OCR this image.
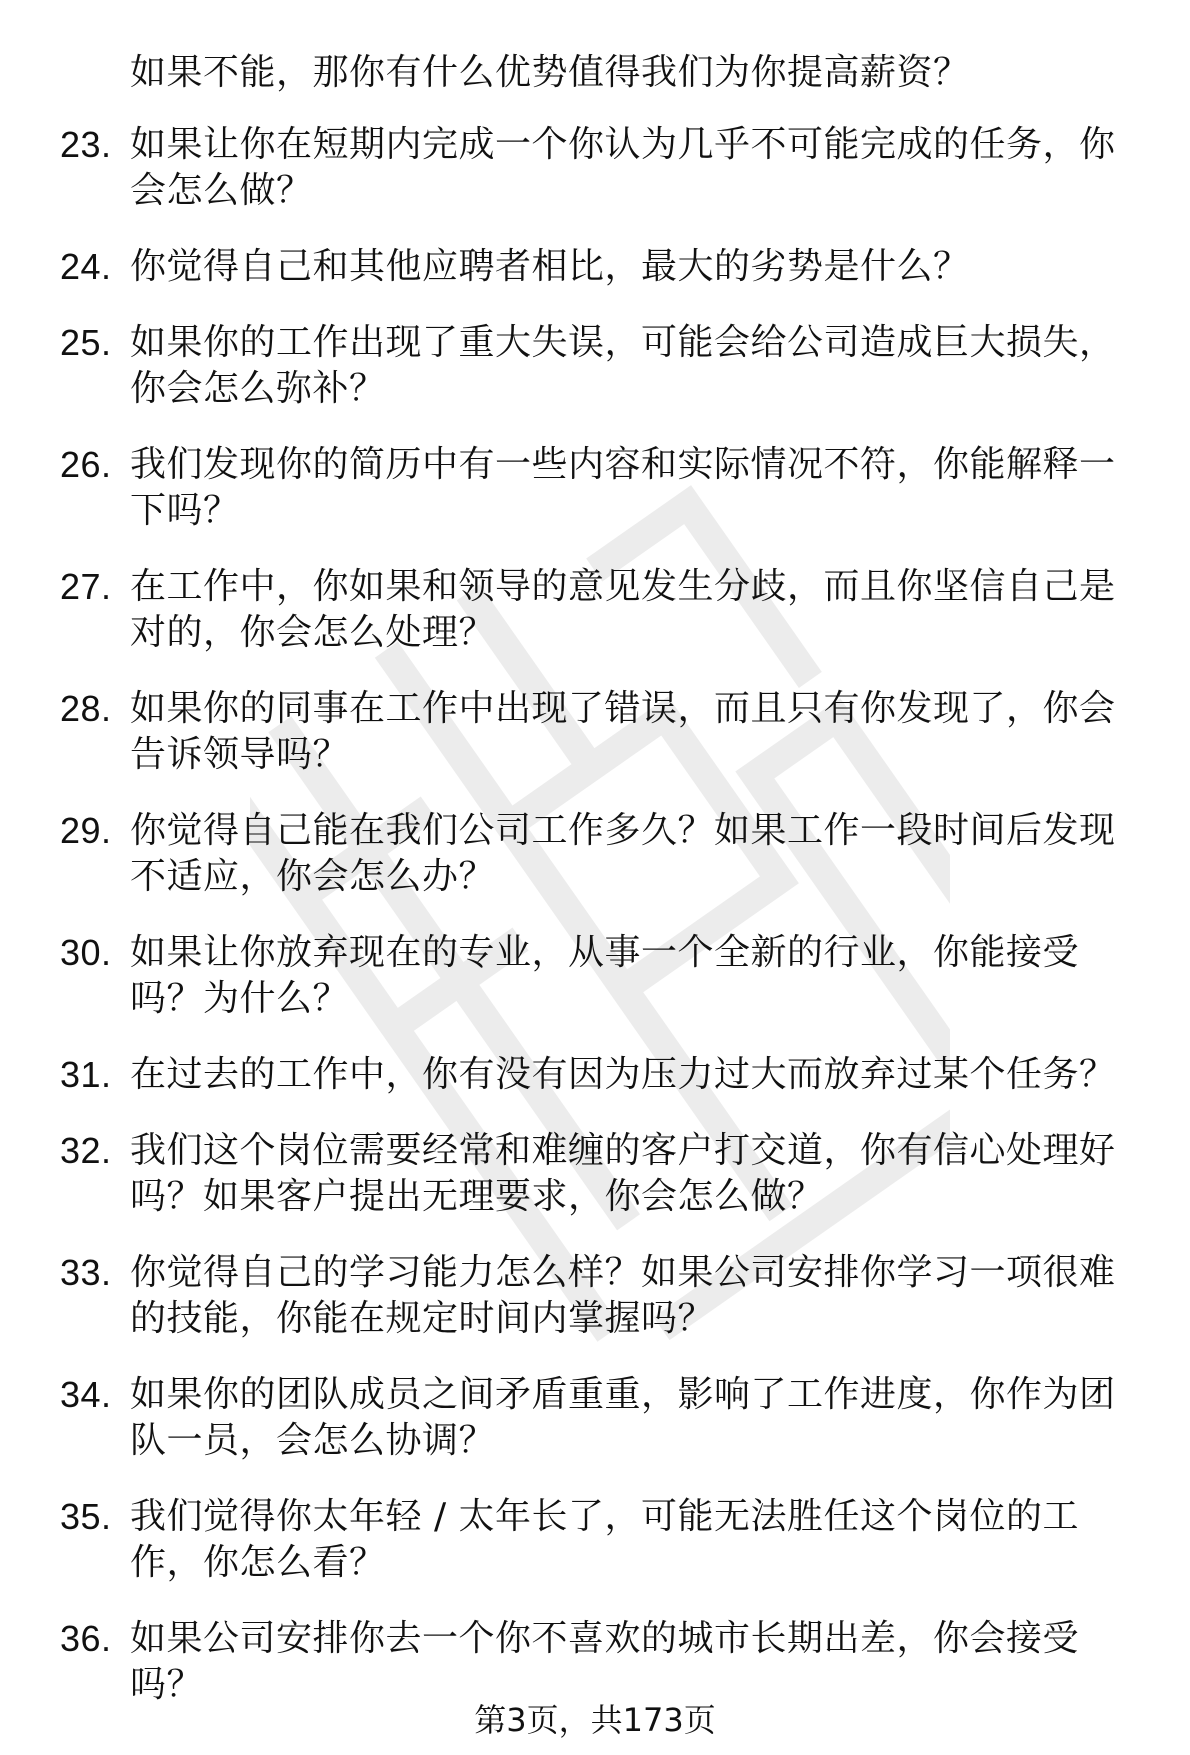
如果不能，那你有什么优势值得我们为你提高薪资？
23. 如果让你在短期内完成一个你认为几乎不可能完成的任务，你会怎么做？
24. 你觉得自己和其他应聘者相比，最大的劣势是什么？
25. 如果你的工作出现了重大失误，可能会给公司造成巨大损失，你会怎么弥补？
26. 我们发现你的简历中有一些内容和实际情况不符，你能解释一下吗？
27. 在工作中，你如果和领导的意见发生分歧，而且你坚信自己是对的，你会怎么处理？
28. 如果你的同事在工作中出现了错误，而且只有你发现了，你会告诉领导吗？
29. 你觉得自己能在我们公司工作多久？如果工作一段时间后发现不适应，你会怎么办？
30. 如果让你放弃现在的专业，从事一个全新的行业，你能接受吗？为什么？
31. 在过去的工作中，你有没有因为压力过大而放弃过某个任务？
32. 我们这个岗位需要经常和难缠的客户打交道，你有信心处理好吗？如果客户提出无理要求，你会怎么做？
33. 你觉得自己的学习能力怎么样？如果公司安排你学习一项很难的技能，你能在规定时间内掌握吗？
34. 如果你的团队成员之间矛盾重重，影响了工作进度，你作为团队一员，会怎么协调？
35. 我们觉得你太年轻 / 太年长了，可能无法胜任这个岗位的工作，你怎么看？
36. 如果公司安排你去一个你不喜欢的城市长期出差，你会接受吗？
第3页，共173页
